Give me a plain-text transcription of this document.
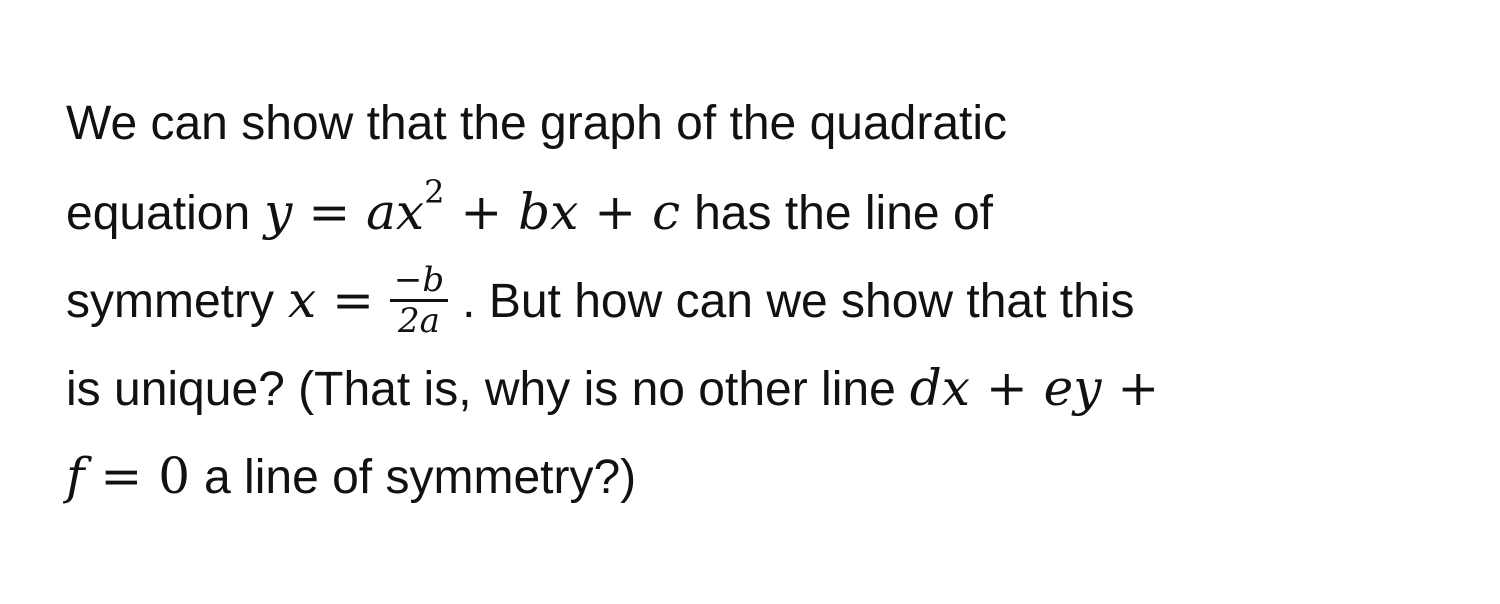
We can show that the graph of the quadratic
equation $y = ax^2$ + bx + c has the line of
symmetry $x = \frac{-b}{2a}$ . But how can we show that this
is unique? (That is, why is no other line dx + ey +
f = 0 a line of symmetry?)
